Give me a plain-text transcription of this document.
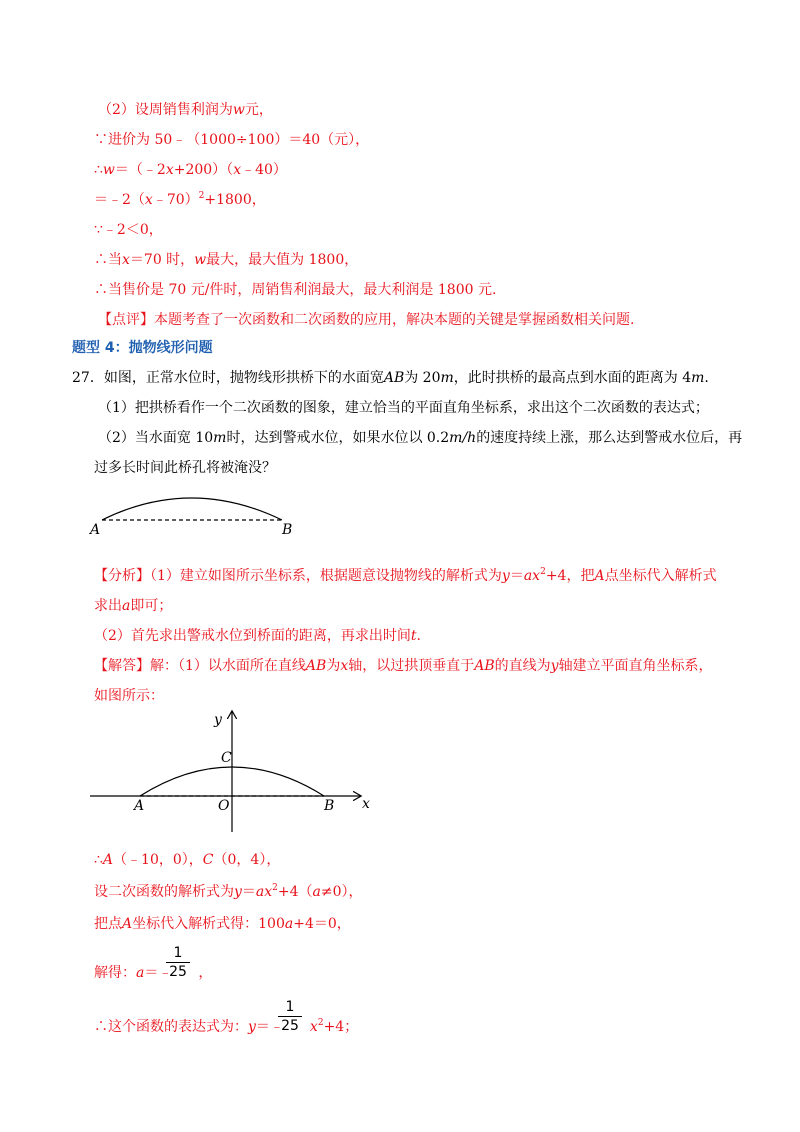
（2）设周销售利润为w元，
∵进价为 50﹣（1000÷100）＝40（元），
∴w＝（﹣2x+200）（x﹣40）
＝﹣2（x﹣70）$^2$+1800，
∵﹣2＜0，
∴当x＝70 时，w最大，最大值为 1800，
∴当售价是 70 元/件时，周销售利润最大，最大利润是 1800 元.
【点评】本题考查了一次函数和二次函数的应用，解决本题的关键是掌握函数相关问题.
题型 4：抛物线形问题
27．如图，正常水位时，抛物线形拱桥下的水面宽AB为 20m，此时拱桥的最高点到水面的距离为 4m.
（1）把拱桥看作一个二次函数的图象，建立恰当的平面直角坐标系，求出这个二次函数的表达式；
（2）当水面宽 10m时，达到警戒水位，如果水位以 0.2m/h的速度持续上涨，那么达到警戒水位后，再
过多长时间此桥孔将被淹没？
A	B
【分析】（1）建立如图所示坐标系，根据题意设抛物线的解析式为$y=ax^2+4$，把A点坐标代入解析式
求出a即可；
（2）首先求出警戒水位到桥面的距离，再求出时间t.
【解答】解：（1）以水面所在直线AB为x轴，以过拱顶垂直于AB的直线为y轴建立平面直角坐标系，
如图所示：
y
x
C
A	O	B
∴A（﹣10，0），C（0，4），
设二次函数的解析式为$y=ax^2+4(a\ne 0)$，
把点A坐标代入解析式得：100a+4＝0，
解得：a＝﹣ ，
1
25
∴这个函数的表达式为：y＝﹣ $x^2+4$；
1
25
